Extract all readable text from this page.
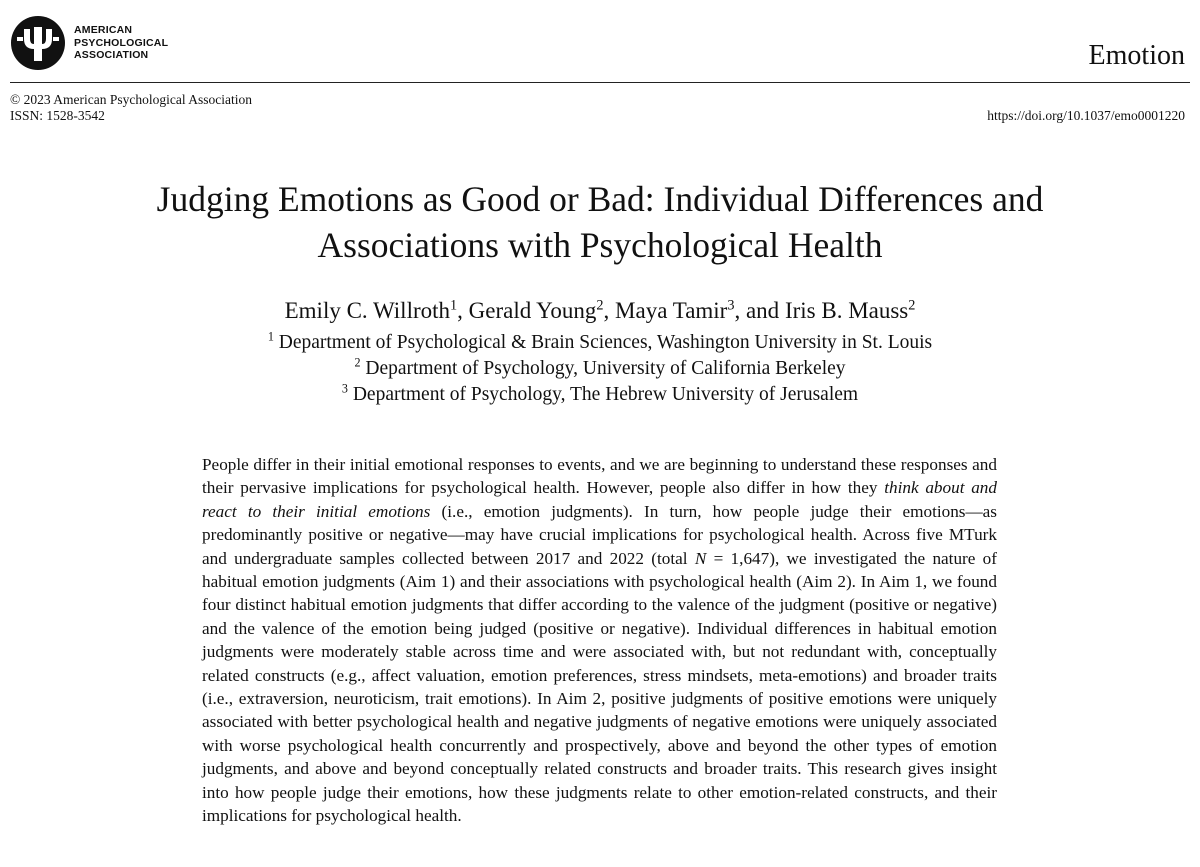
AMERICAN
PSYCHOLOGICAL
ASSOCIATION	Emotion
© 2023 American Psychological Association
ISSN: 1528-3542	https://doi.org/10.1037/emo0001220
Judging Emotions as Good or Bad: Individual Differences and
Associations with Psychological Health
Emily C. Willroth$^1$, Gerald Young$^2$, Maya Tamir$^3$, and Iris B. Mauss$^2$
$^1$ Department of Psychological & Brain Sciences, Washington University in St. Louis
$^2$ Department of Psychology, University of California Berkeley
$^3$ Department of Psychology, The Hebrew University of Jerusalem
People differ in their initial emotional responses to events, and we are beginning to understand these responses and their pervasive implications for psychological health. However, people also differ in how they think about and react to their initial emotions (i.e., emotion judgments). In turn, how people judge their emotions—as predominantly positive or negative—may have crucial implications for psychological health. Across five MTurk and undergraduate samples collected between 2017 and 2022 (total N = 1,647), we investigated the nature of habitual emotion judgments (Aim 1) and their associations with psychological health (Aim 2). In Aim 1, we found four distinct habitual emotion judgments that differ according to the valence of the judgment (positive or negative) and the valence of the emotion being judged (positive or negative). Individual differences in habitual emotion judgments were moderately stable across time and were associated with, but not redundant with, conceptually related constructs (e.g., affect valuation, emotion preferences, stress mindsets, meta-emotions) and broader traits (i.e., extraversion, neuroticism, trait emotions). In Aim 2, positive judgments of positive emotions were uniquely associated with better psychological health and negative judgments of negative emotions were uniquely associated with worse psychological health concurrently and prospectively, above and beyond the other types of emotion judgments, and above and beyond conceptually related constructs and broader traits. This research gives insight into how people judge their emotions, how these judgments relate to other emotion-related constructs, and their implications for psychological health.
